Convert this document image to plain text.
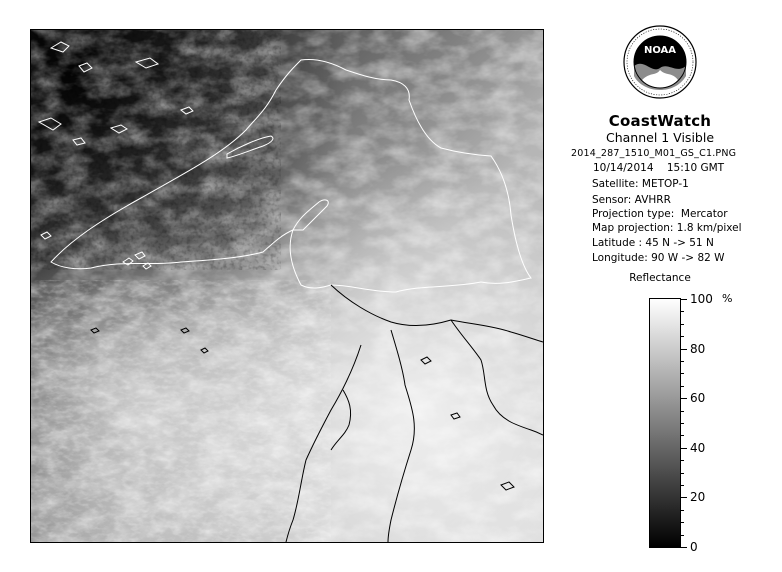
NOAA
CoastWatch
Channel 1 Visible
2014_287_1510_M01_GS_C1.PNG
10/14/2014    15:10 GMT
Satellite: METOP-1
Sensor: AVHRR
Projection type:  Mercator
Map projection: 1.8 km/pixel
Latitude : 45 N -> 51 N
Longitude: 90 W -> 82 W
Reflectance
%
100
80
60
40
20
0
